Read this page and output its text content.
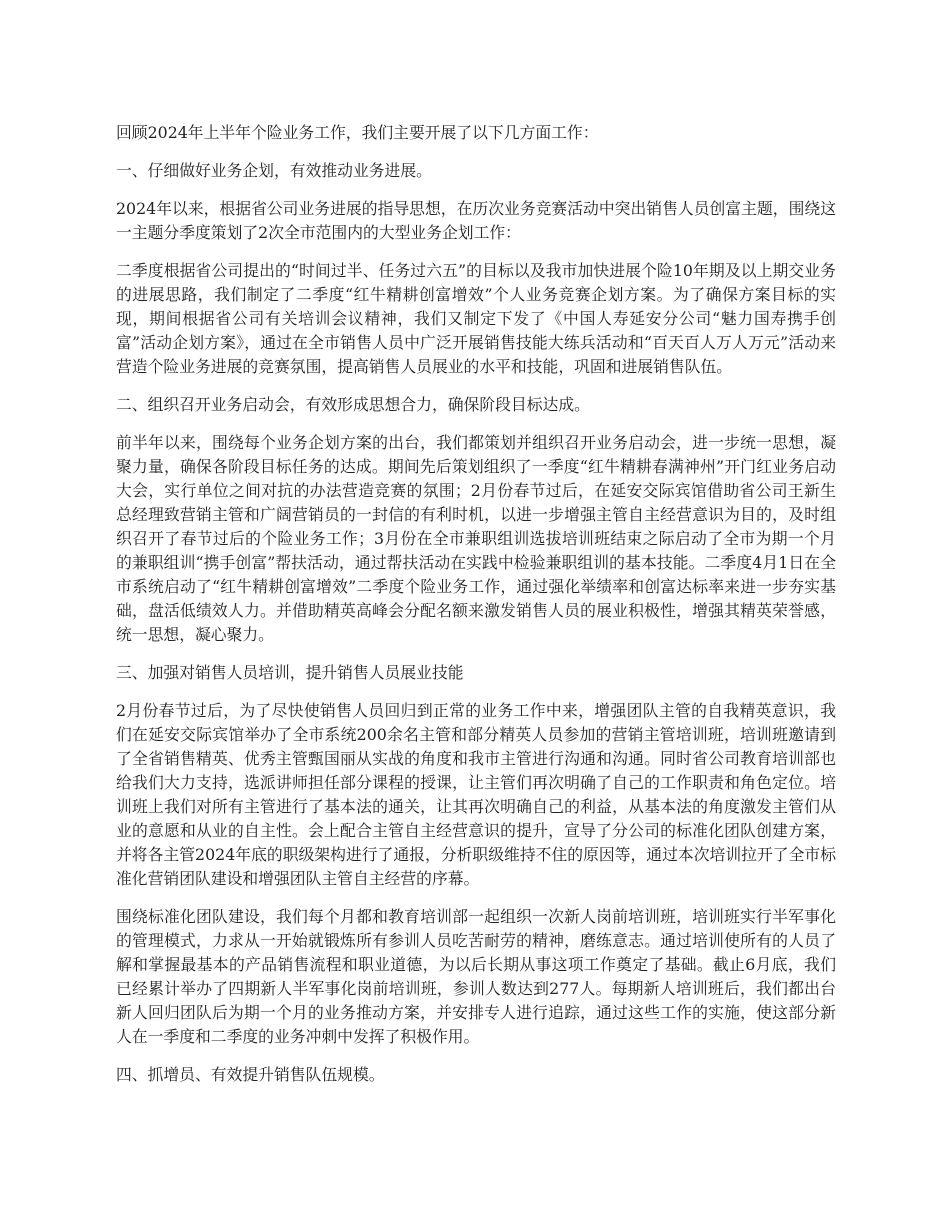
回顾2024年上半年个险业务工作，我们主要开展了以下几方面工作：

一、仔细做好业务企划，有效推动业务进展。

2024年以来，根据省公司业务进展的指导思想，在历次业务竞赛活动中突出销售人员创富主题，围绕这一主题分季度策划了2次全市范围内的大型业务企划工作：

二季度根据省公司提出的“时间过半、任务过六五”的目标以及我市加快进展个险10年期及以上期交业务的进展思路，我们制定了二季度“红牛精耕创富增效”个人业务竞赛企划方案。为了确保方案目标的实现，期间根据省公司有关培训会议精神，我们又制定下发了《中国人寿延安分公司“魅力国寿携手创富”活动企划方案》，通过在全市销售人员中广泛开展销售技能大练兵活动和“百天百人万人万元”活动来营造个险业务进展的竞赛氛围，提高销售人员展业的水平和技能，巩固和进展销售队伍。

二、组织召开业务启动会，有效形成思想合力，确保阶段目标达成。

前半年以来，围绕每个业务企划方案的出台，我们都策划并组织召开业务启动会，进一步统一思想，凝聚力量，确保各阶段目标任务的达成。期间先后策划组织了一季度“红牛精耕春满神州”开门红业务启动大会，实行单位之间对抗的办法营造竞赛的氛围；2月份春节过后，在延安交际宾馆借助省公司王新生总经理致营销主管和广阔营销员的一封信的有利时机，以进一步增强主管自主经营意识为目的，及时组织召开了春节过后的个险业务工作；3月份在全市兼职组训选拔培训班结束之际启动了全市为期一个月的兼职组训“携手创富”帮扶活动，通过帮扶活动在实践中检验兼职组训的基本技能。二季度4月1日在全市系统启动了“红牛精耕创富增效”二季度个险业务工作，通过强化举绩率和创富达标率来进一步夯实基础，盘活低绩效人力。并借助精英高峰会分配名额来激发销售人员的展业积极性，增强其精英荣誉感，统一思想，凝心聚力。

三、加强对销售人员培训，提升销售人员展业技能

2月份春节过后，为了尽快使销售人员回归到正常的业务工作中来，增强团队主管的自我精英意识，我们在延安交际宾馆举办了全市系统200余名主管和部分精英人员参加的营销主管培训班，培训班邀请到了全省销售精英、优秀主管甄国丽从实战的角度和我市主管进行沟通和沟通。同时省公司教育培训部也给我们大力支持，选派讲师担任部分课程的授课，让主管们再次明确了自己的工作职责和角色定位。培训班上我们对所有主管进行了基本法的通关，让其再次明确自己的利益，从基本法的角度激发主管们从业的意愿和从业的自主性。会上配合主管自主经营意识的提升，宣导了分公司的标准化团队创建方案，并将各主管2024年底的职级架构进行了通报，分析职级维持不住的原因等，通过本次培训拉开了全市标准化营销团队建设和增强团队主管自主经营的序幕。

围绕标准化团队建设，我们每个月都和教育培训部一起组织一次新人岗前培训班，培训班实行半军事化的管理模式，力求从一开始就锻炼所有参训人员吃苦耐劳的精神，磨练意志。通过培训使所有的人员了解和掌握最基本的产品销售流程和职业道德，为以后长期从事这项工作奠定了基础。截止6月底，我们已经累计举办了四期新人半军事化岗前培训班，参训人数达到277人。每期新人培训班后，我们都出台新人回归团队后为期一个月的业务推动方案，并安排专人进行追踪，通过这些工作的实施，使这部分新人在一季度和二季度的业务冲刺中发挥了积极作用。

四、抓增员、有效提升销售队伍规模。
